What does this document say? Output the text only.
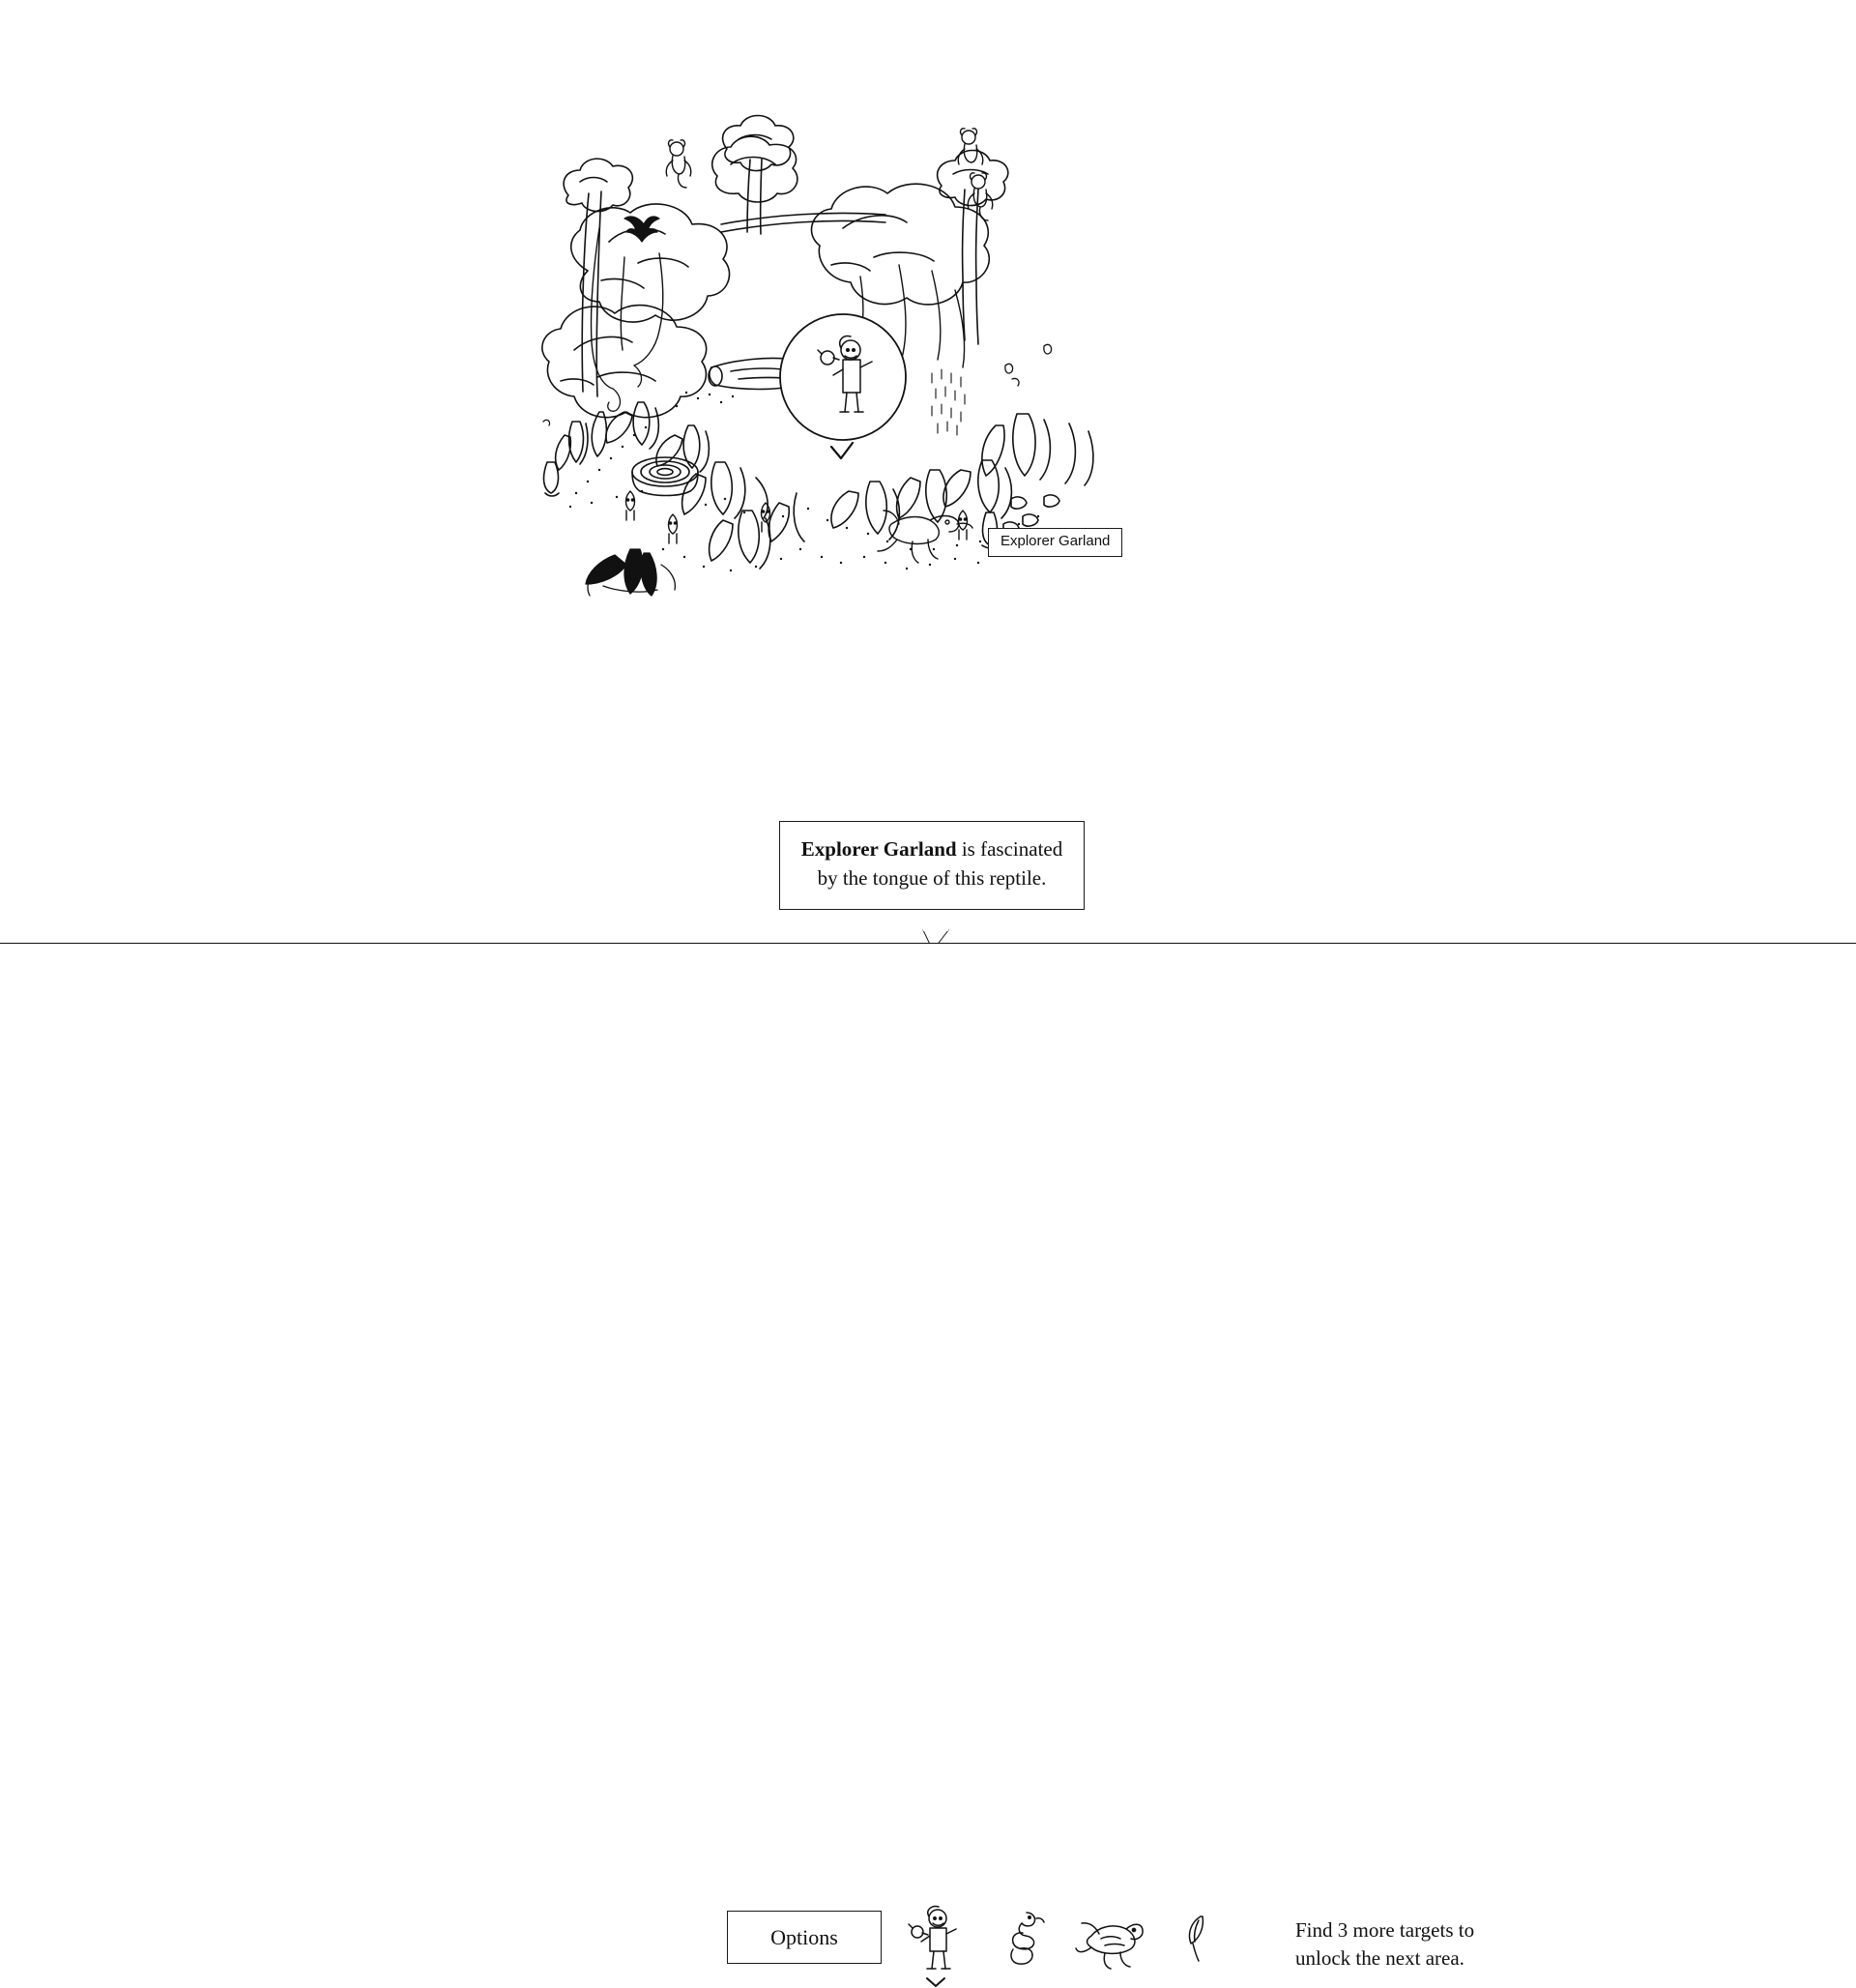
Explorer Garland
Explorer Garland is fascinated by the tongue of this reptile.
Options	Find 3 more targets to
unlock the next area.
